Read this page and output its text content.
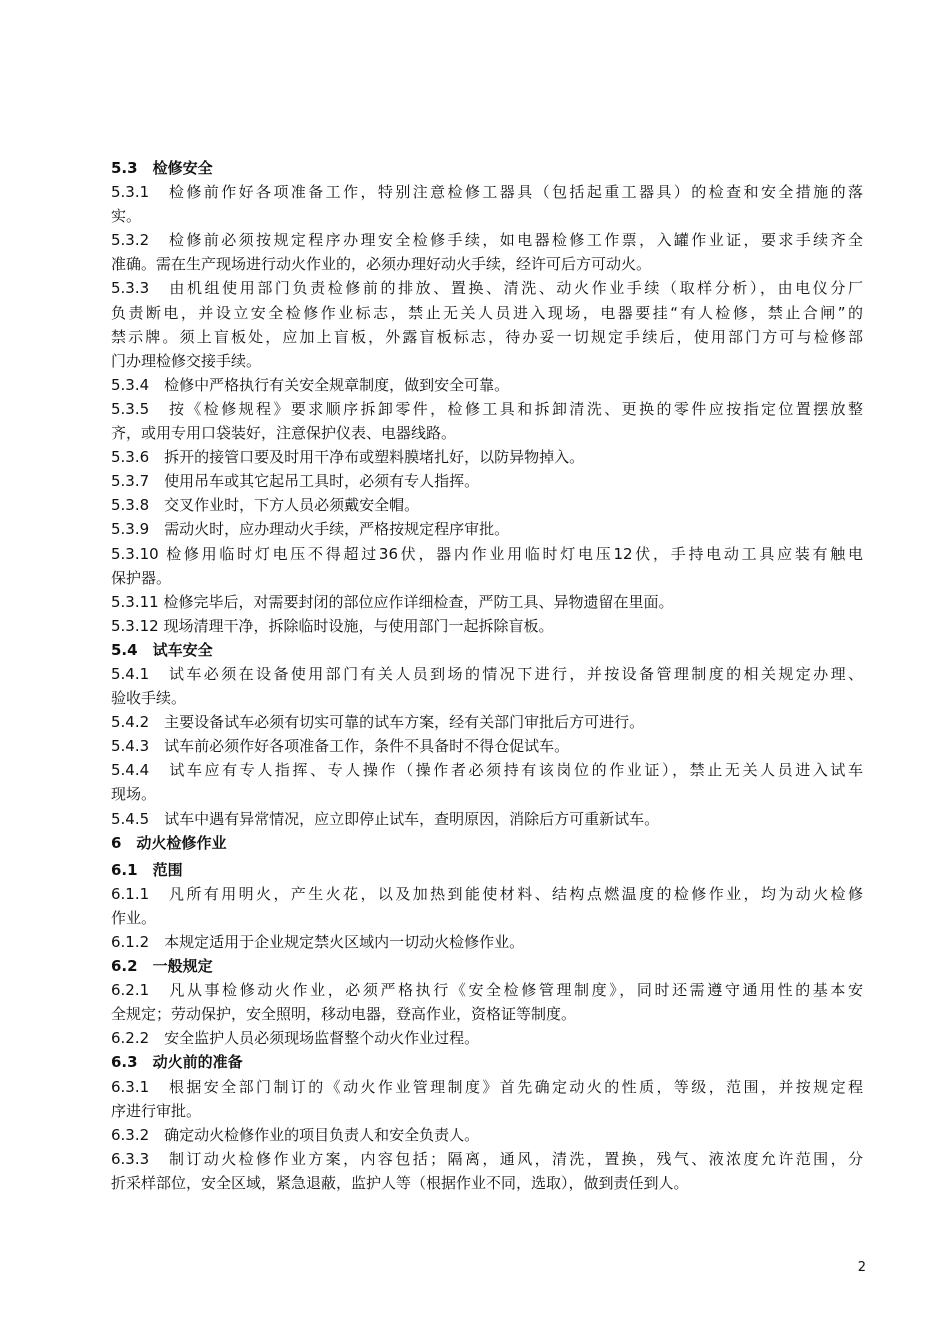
5.3　检修安全
5.3.1　检修前作好各项准备工作，特别注意检修工器具（包括起重工器具）的检查和安全措施的落
实。
5.3.2　检修前必须按规定程序办理安全检修手续，如电器检修工作票，入罐作业证，要求手续齐全
准确。需在生产现场进行动火作业的，必须办理好动火手续，经许可后方可动火。
5.3.3　由机组使用部门负责检修前的排放、置换、清洗、动火作业手续（取样分析），由电仪分厂
负责断电，并设立安全检修作业标志，禁止无关人员进入现场，电器要挂“有人检修，禁止合闸”的
禁示牌。须上盲板处，应加上盲板，外露盲板标志，待办妥一切规定手续后，使用部门方可与检修部
门办理检修交接手续。
5.3.4　检修中严格执行有关安全规章制度，做到安全可靠。
5.3.5　按《检修规程》要求顺序拆卸零件，检修工具和拆卸清洗、更换的零件应按指定位置摆放整
齐，或用专用口袋装好，注意保护仪表、电器线路。
5.3.6　拆开的接管口要及时用干净布或塑料膜堵扎好，以防异物掉入。
5.3.7　使用吊车或其它起吊工具时，必须有专人指挥。
5.3.8　交叉作业时，下方人员必须戴安全帽。
5.3.9　需动火时，应办理动火手续，严格按规定程序审批。
5.3.10 检修用临时灯电压不得超过36伏，器内作业用临时灯电压12伏，手持电动工具应装有触电
保护器。
5.3.11 检修完毕后，对需要封闭的部位应作详细检查，严防工具、异物遗留在里面。
5.3.12 现场清理干净，拆除临时设施，与使用部门一起拆除盲板。
5.4　试车安全
5.4.1　试车必须在设备使用部门有关人员到场的情况下进行，并按设备管理制度的相关规定办理、
验收手续。
5.4.2　主要设备试车必须有切实可靠的试车方案，经有关部门审批后方可进行。
5.4.3　试车前必须作好各项准备工作，条件不具备时不得仓促试车。
5.4.4　试车应有专人指挥、专人操作（操作者必须持有该岗位的作业证），禁止无关人员进入试车
现场。
5.4.5　试车中遇有异常情况，应立即停止试车，查明原因，消除后方可重新试车。
6　动火检修作业
6.1　范围
6.1.1　凡所有用明火，产生火花，以及加热到能使材料、结构点燃温度的检修作业，均为动火检修
作业。
6.1.2　本规定适用于企业规定禁火区域内一切动火检修作业。
6.2　一般规定
6.2.1　凡从事检修动火作业，必须严格执行《安全检修管理制度》，同时还需遵守通用性的基本安
全规定；劳动保护，安全照明，移动电器，登高作业，资格证等制度。
6.2.2　安全监护人员必须现场监督整个动火作业过程。
6.3　动火前的准备
6.3.1　根据安全部门制订的《动火作业管理制度》首先确定动火的性质，等级，范围，并按规定程
序进行审批。
6.3.2　确定动火检修作业的项目负责人和安全负责人。
6.3.3　制订动火检修作业方案，内容包括；隔离，通风，清洗，置换，残气、液浓度允许范围，分
折采样部位，安全区域，紧急退蔽，监护人等（根据作业不同，选取），做到责任到人。
2
